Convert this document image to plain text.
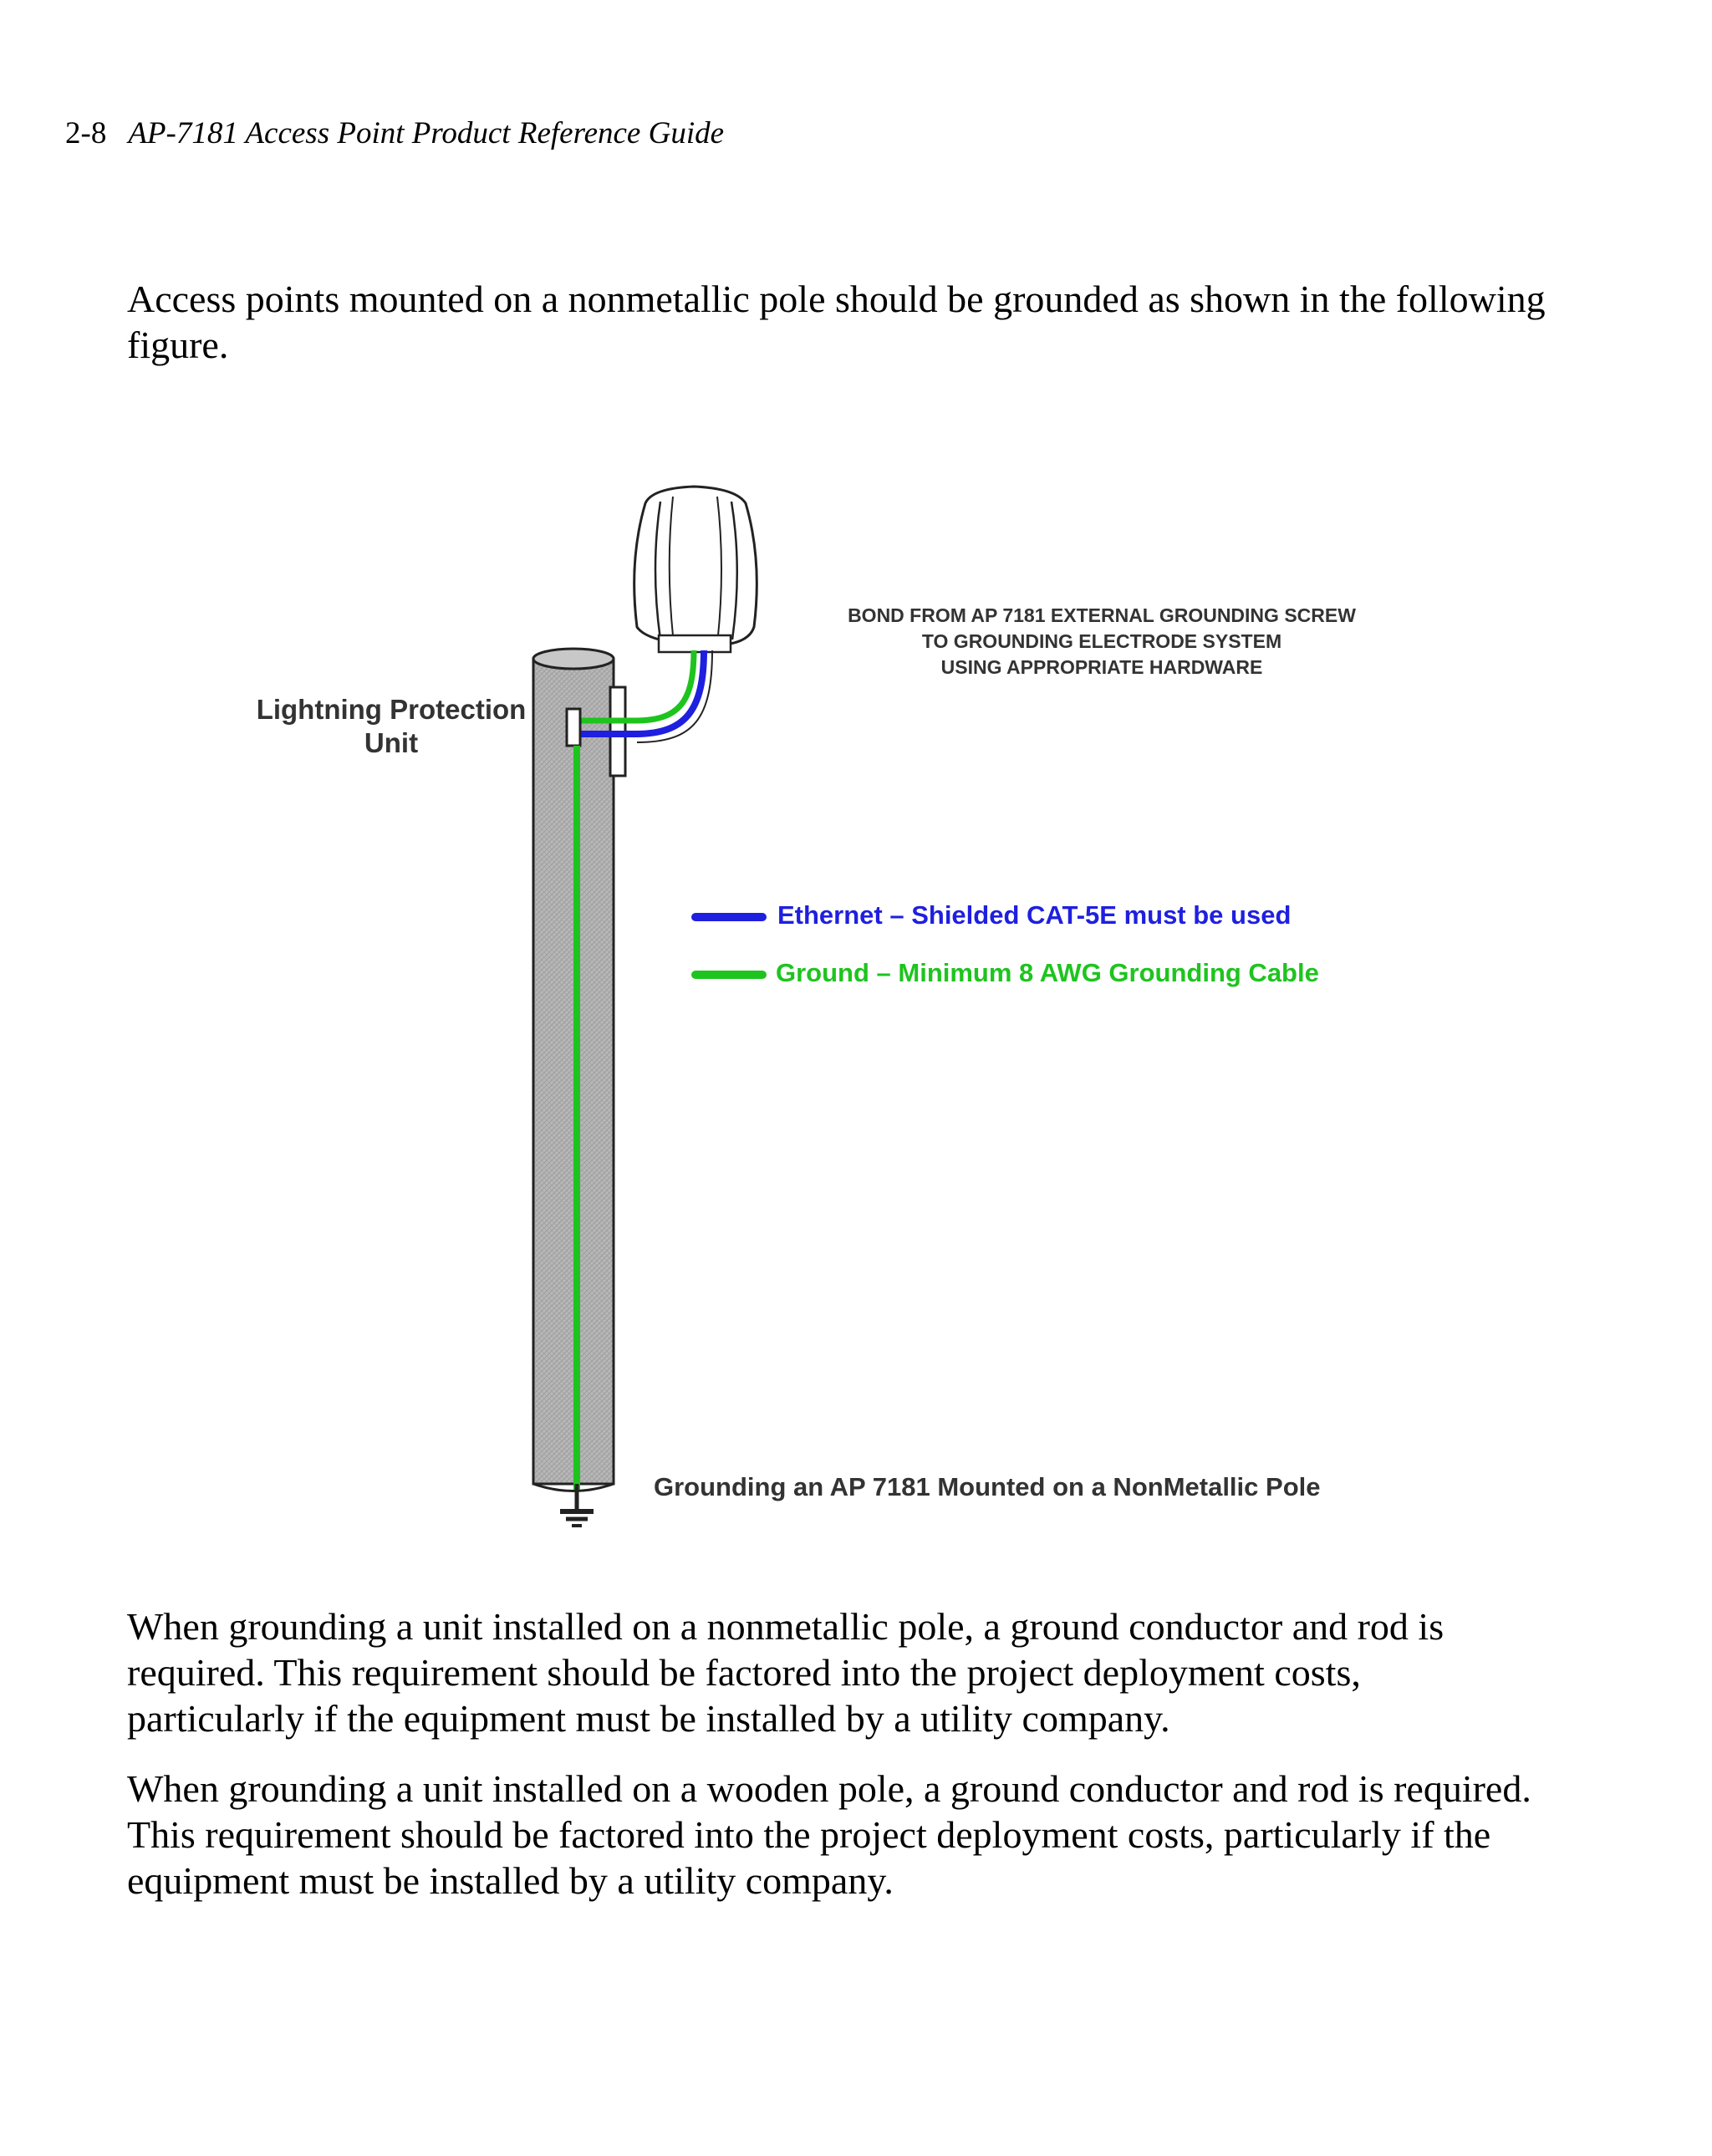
2-8 AP-7181 Access Point Product Reference Guide

Access points mounted on a nonmetallic pole should be grounded as shown in the following
figure.

BOND FROM AP 7181 EXTERNAL GROUNDING SCREW
TO GROUNDING ELECTRODE SYSTEM
USING APPROPRIATE HARDWARE
Lightning Protection
Unit
Ethernet – Shielded CAT-5E must be used
Ground – Minimum 8 AWG Grounding Cable
Grounding an AP 7181 Mounted on a NonMetallic Pole

When grounding a unit installed on a nonmetallic pole, a ground conductor and rod is
required. This requirement should be factored into the project deployment costs,
particularly if the equipment must be installed by a utility company.

When grounding a unit installed on a wooden pole, a ground conductor and rod is required.
This requirement should be factored into the project deployment costs, particularly if the
equipment must be installed by a utility company.
